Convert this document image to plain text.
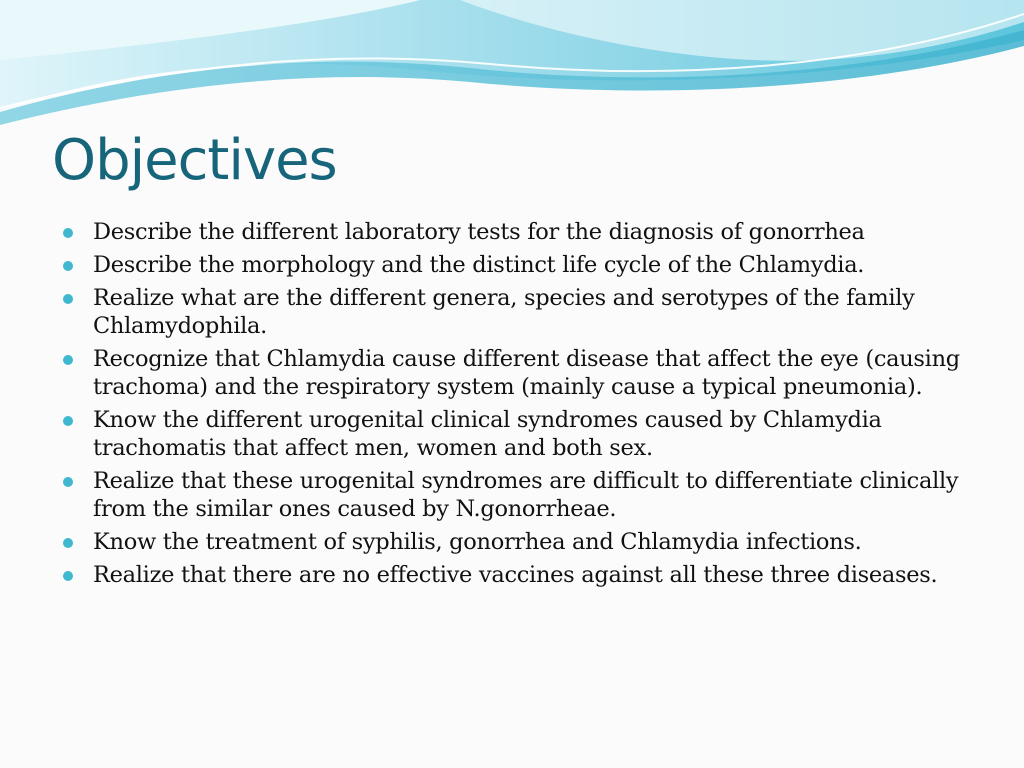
Objectives
Describe the different laboratory tests for the diagnosis of gonorrhea
Describe the morphology and the distinct life cycle of the Chlamydia.
Realize what are the different genera, species and serotypes of the family Chlamydophila.
Recognize that Chlamydia cause different disease that affect the eye (causing trachoma) and the respiratory system (mainly cause a typical pneumonia).
Know the different urogenital clinical syndromes caused by Chlamydia trachomatis that affect men, women and both sex.
Realize that these urogenital syndromes are difficult to differentiate clinically from the similar ones caused by N.gonorrheae.
Know the treatment of syphilis, gonorrhea and Chlamydia infections.
Realize that there are no effective vaccines against all these three diseases.
